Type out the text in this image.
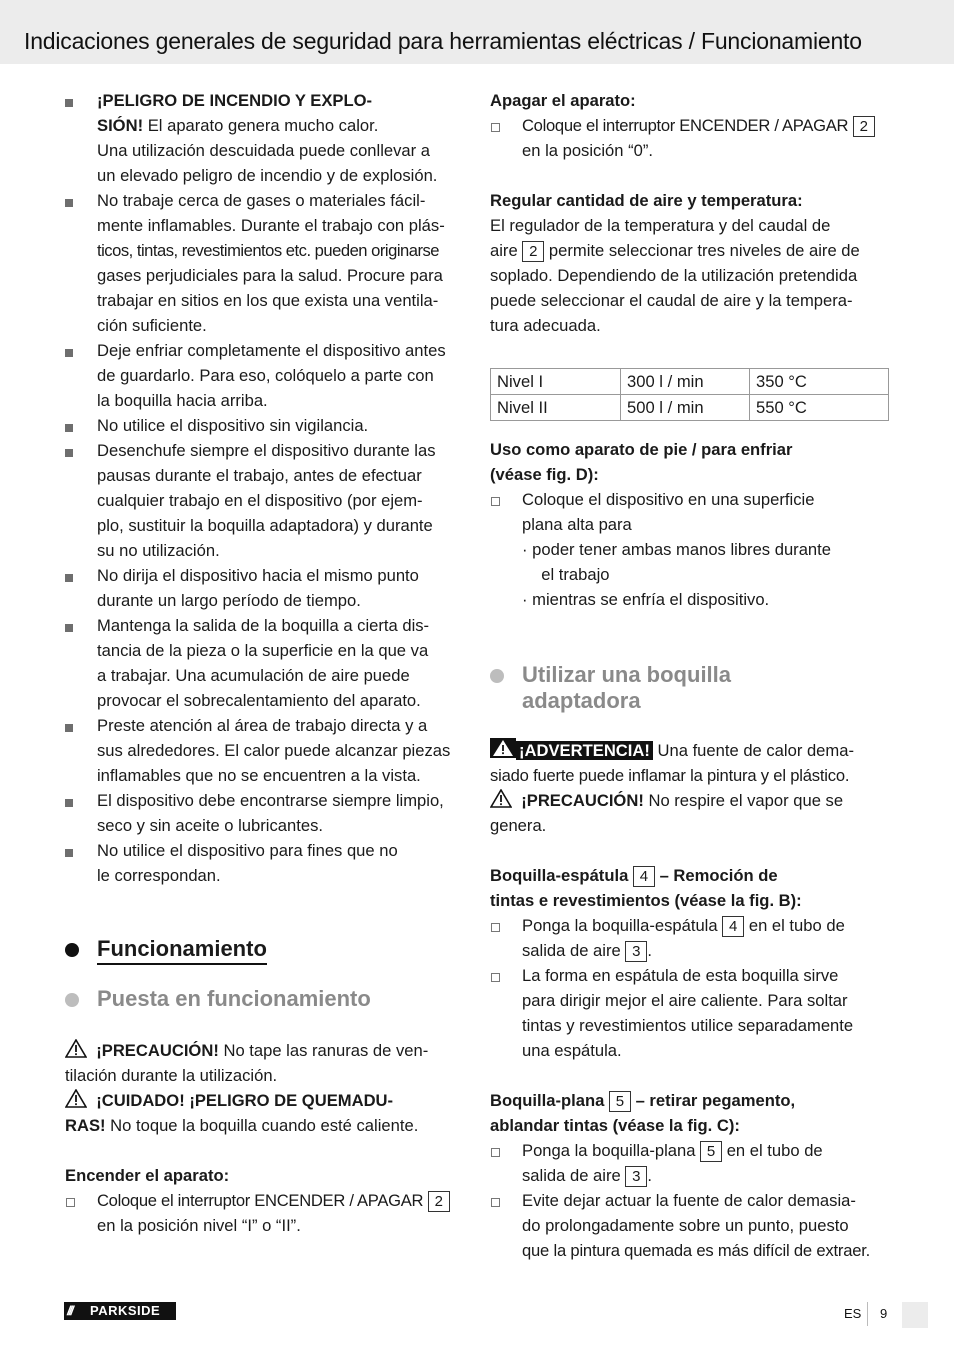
Indicaciones generales de seguridad para herramientas eléctricas / Funcionamiento
¡PELIGRO DE INCENDIO Y EXPLO-
SIÓN! El aparato genera mucho calor.
Una utilización descuidada puede conllevar a
un elevado peligro de incendio y de explosión.
No trabaje cerca de gases o materiales fácil-
mente inflamables. Durante el trabajo con plás-
ticos, tintas, revestimientos etc. pueden originarse
gases perjudiciales para la salud. Procure para
trabajar en sitios en los que exista una ventila-
ción suficiente.
Deje enfriar completamente el dispositivo antes
de guardarlo. Para eso, colóquelo a parte con
la boquilla hacia arriba.
No utilice el dispositivo sin vigilancia.
Desenchufe siempre el dispositivo durante las
pausas durante el trabajo, antes de efectuar
cualquier trabajo en el dispositivo (por ejem-
plo, sustituir la boquilla adaptadora) y durante
su no utilización.
No dirija el dispositivo hacia el mismo punto
durante un largo período de tiempo.
Mantenga la salida de la boquilla a cierta dis-
tancia de la pieza o la superficie en la que va
a trabajar. Una acumulación de aire puede
provocar el sobrecalentamiento del aparato.
Preste atención al área de trabajo directa y a
sus alrededores. El calor puede alcanzar piezas
inflamables que no se encuentren a la vista.
El dispositivo debe encontrarse siempre limpio,
seco y sin aceite o lubricantes.
No utilice el dispositivo para fines que no
le correspondan.
Funcionamiento
Puesta en funcionamiento

¡PRECAUCIÓN! No tape las ranuras de ven-
tilación durante la utilización.

¡CUIDADO! ¡PELIGRO DE QUEMADU-
RAS! No toque la boquilla cuando esté caliente.

Encender el aparato:

Coloque el interruptor ENCENDER / APAGAR 2
en la posición nivel “I” o “II”.

Apagar el aparato:

Coloque el interruptor ENCENDER / APAGAR 2
en la posición “0”.

Regular cantidad de aire y temperatura:

El regulador de la temperatura y del caudal de
aire 2 permite seleccionar tres niveles de aire de
soplado. Dependiendo de la utilización pretendida
puede seleccionar el caudal de aire y la tempera-
tura adecuada.

Nivel I	300 l / min	350 °C
Nivel II	500 l / min	550 °C

Uso como aparato de pie / para enfriar
(véase fig. D):

Coloque el dispositivo en una superficie
plana alta para

· poder tener ambas manos libres durante
el trabajo

· mientras se enfría el dispositivo.

Utilizar una boquilla
adaptadora

¡ADVERTENCIA! Una fuente de calor dema-
siado fuerte puede inflamar la pintura y el plástico.

¡PRECAUCIÓN! No respire el vapor que se
genera.

Boquilla-espátula 4 – Remoción de
tintas e revestimientos (véase la fig. B):

Ponga la boquilla-espátula 4 en el tubo de
salida de aire 3 .
La forma en espátula de esta boquilla sirve
para dirigir mejor el aire caliente. Para soltar
tintas y revestimientos utilice separadamente
una espátula.

Boquilla-plana 5 – retirar pegamento,
ablandar tintas (véase la fig. C):

Ponga la boquilla-plana 5 en el tubo de
salida de aire 3 .
Evite dejar actuar la fuente de calor demasia-
do prolongadamente sobre un punto, puesto
que la pintura quemada es más difícil de extraer.
/// PARKSIDE	ES 9
